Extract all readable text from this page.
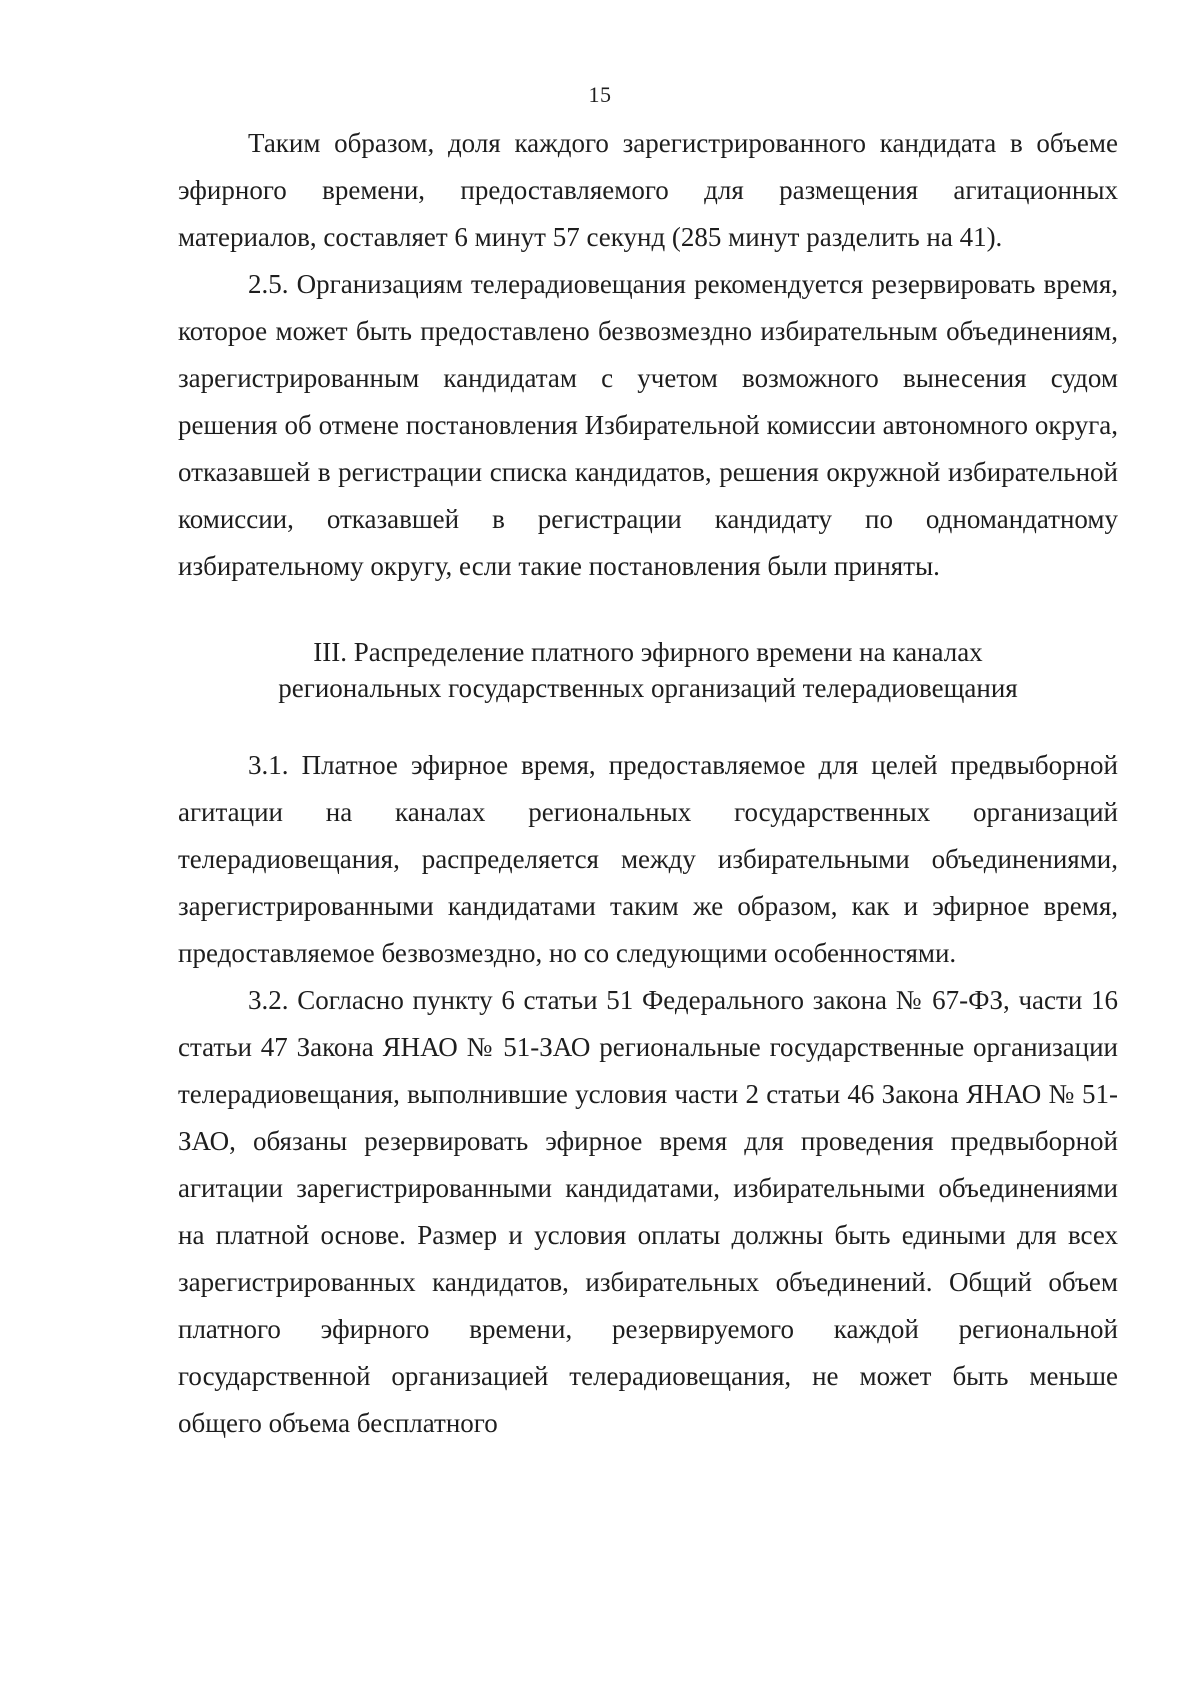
15

Таким образом, доля каждого зарегистрированного кандидата в объеме эфирного времени, предоставляемого для размещения агитационных материалов, составляет 6 минут 57 секунд (285 минут разделить на 41).

2.5. Организациям телерадиовещания рекомендуется резервировать время, которое может быть предоставлено безвозмездно избирательным объединениям, зарегистрированным кандидатам с учетом возможного вынесения судом решения об отмене постановления Избирательной комиссии автономного округа, отказавшей в регистрации списка кандидатов, решения окружной избирательной комиссии, отказавшей в регистрации кандидату по одномандатному избирательному округу, если такие постановления были приняты.

III. Распределение платного эфирного времени на каналах
региональных государственных организаций телерадиовещания

3.1. Платное эфирное время, предоставляемое для целей предвыборной агитации на каналах региональных государственных организаций телерадиовещания, распределяется между избирательными объединениями, зарегистрированными кандидатами таким же образом, как и эфирное время, предоставляемое безвозмездно, но со следующими особенностями.

3.2. Согласно пункту 6 статьи 51 Федерального закона № 67-ФЗ, части 16 статьи 47 Закона ЯНАО № 51-ЗАО региональные государственные организации телерадиовещания, выполнившие условия части 2 статьи 46 Закона ЯНАО № 51-ЗАО, обязаны резервировать эфирное время для проведения предвыборной агитации зарегистрированными кандидатами, избирательными объединениями на платной основе. Размер и условия оплаты должны быть едиными для всех зарегистрированных кандидатов, избирательных объединений. Общий объем платного эфирного времени, резервируемого каждой региональной государственной организацией телерадиовещания, не может быть меньше общего объема бесплатного
